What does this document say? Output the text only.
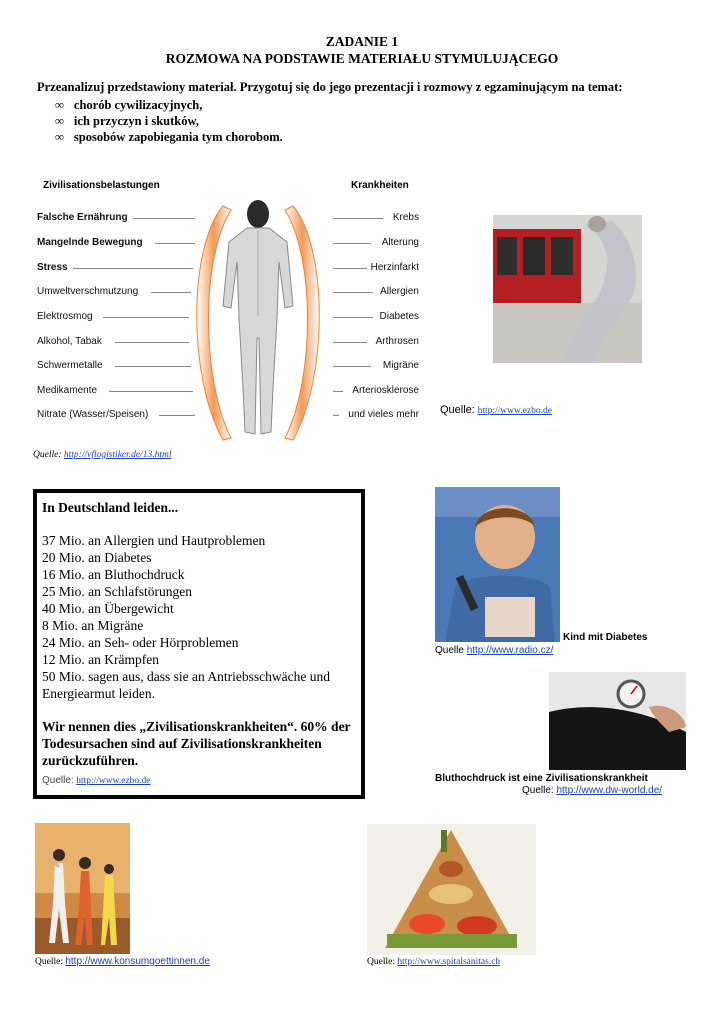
ZADANIE 1
ROZMOWA NA PODSTAWIE MATERIAŁU STYMULUJĄCEGO
Przeanalizuj przedstawiony materiał. Przygotuj się do jego prezentacji i rozmowy z egzaminującym na temat:
∞ chorób cywilizacyjnych,
∞ ich przyczyn i skutków,
∞ sposobów zapobiegania tym chorobom.
Zivilisationsbelastungen	Krankheiten
Falsche Ernährung
Mangelnde Bewegung
Stress
Umweltverschmutzung
Elektrosmog
Alkohol, Tabak
Schwermetalle
Medikamente
Nitrate (Wasser/Speisen)
Krebs
Alterung
Herzinfarkt
Allergien
Diabetes
Arthrosen
Migräne
Arteriosklerose
und vieles mehr
Quelle: http://vflogistiker.de/13.html
Quelle: http://www.ezbo.de
In Deutschland leiden...
37 Mio. an Allergien und Hautproblemen
20 Mio. an Diabetes
16 Mio. an Bluthochdruck
25 Mio. an Schlafstörungen
40 Mio. an Übergewicht
8 Mio. an Migräne
24 Mio. an Seh- oder Hörproblemen
12 Mio. an Krämpfen
50 Mio. sagen aus, dass sie an Antriebsschwäche und Energiearmut leiden.
Wir nennen dies „Zivilisationskrankheiten“. 60% der Todesursachen sind auf Zivilisationskrankheiten zurückzuführen.
Quelle: http://www.ezbo.de
Kind mit Diabetes
Quelle http://www.radio.cz/
Bluthochdruck ist eine Zivilisationskrankheit
Quelle: http://www.dw-world.de/
Quelle: http://www.konsumgoettinnen.de	Quelle: http://www.spitalsanitas.ch
